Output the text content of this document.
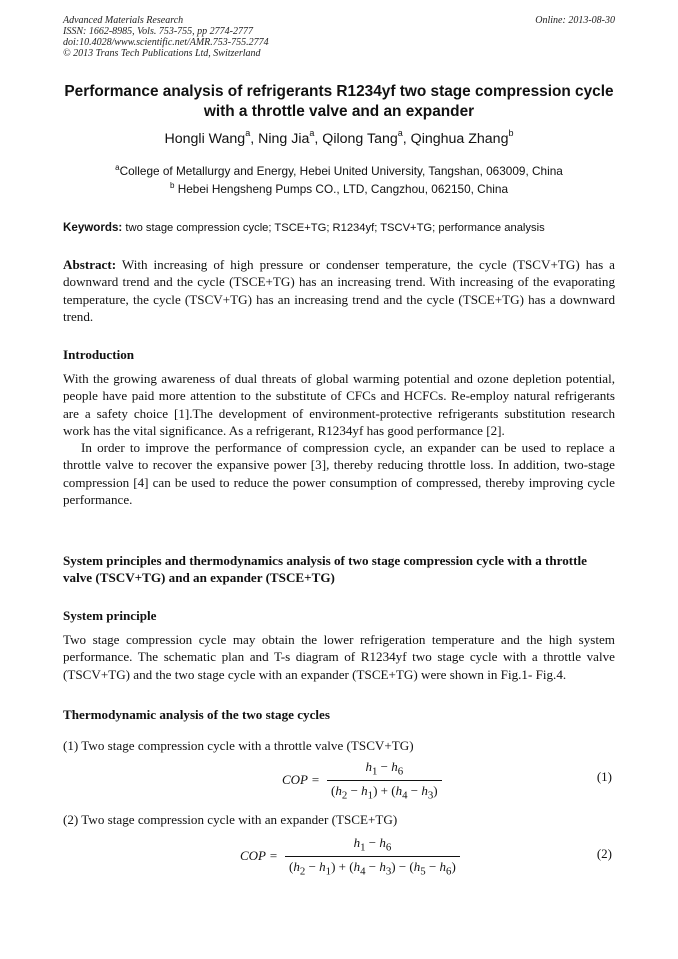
Advanced Materials Research
ISSN: 1662-8985, Vols. 753-755, pp 2774-2777
doi:10.4028/www.scientific.net/AMR.753-755.2774
© 2013 Trans Tech Publications Ltd, Switzerland
Online: 2013-08-30
Performance analysis of refrigerants R1234yf two stage compression cycle with a throttle valve and an expander
Hongli Wang$^a$, Ning Jia$^a$, Qilong Tang$^a$, Qinghua Zhang$^b$
$^a$College of Metallurgy and Energy, Hebei United University, Tangshan, 063009, China
$^b$ Hebei Hengsheng Pumps CO., LTD, Cangzhou, 062150, China
Keywords: two stage compression cycle; TSCE+TG; R1234yf; TSCV+TG; performance analysis
Abstract: With increasing of high pressure or condenser temperature, the cycle (TSCV+TG) has a downward trend and the cycle (TSCE+TG) has an increasing trend. With increasing of the evaporating temperature, the cycle (TSCV+TG) has an increasing trend and the cycle (TSCE+TG) has a downward trend.
Introduction
With the growing awareness of dual threats of global warming potential and ozone depletion potential, people have paid more attention to the substitute of CFCs and HCFCs. Re-employ natural refrigerants are a safety choice [1].The development of environment-protective refrigerants substitution research work has the vital significance. As a refrigerant, R1234yf has good performance [2].
In order to improve the performance of compression cycle, an expander can be used to replace a throttle valve to recover the expansive power [3], thereby reducing throttle loss. In addition, two-stage compression [4] can be used to reduce the power consumption of compressed, thereby improving cycle performance.
System principles and thermodynamics analysis of two stage compression cycle with a throttle valve (TSCV+TG) and an expander (TSCE+TG)
System principle
Two stage compression cycle may obtain the lower refrigeration temperature and the high system performance. The schematic plan and T-s diagram of R1234yf two stage cycle with a throttle valve (TSCV+TG) and the two stage cycle with an expander (TSCE+TG) were shown in Fig.1- Fig.4.
Thermodynamic analysis of the two stage cycles
(1) Two stage compression cycle with a throttle valve (TSCV+TG)
COP = $\frac{h_1 - h_6}{(h_2 - h_1) + (h_4 - h_3)}$	(1)
(2) Two stage compression cycle with an expander (TSCE+TG)
COP = $\frac{h_1 - h_6}{(h_2 - h_1) + (h_4 - h_3) - (h_5 - h_6)}$	(2)
